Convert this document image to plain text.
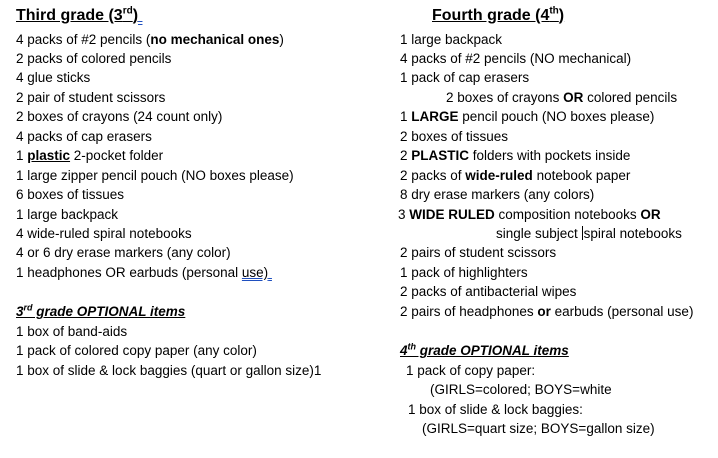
Third grade (3rd)
4 packs of #2 pencils (no mechanical ones)
2 packs of colored pencils
4 glue sticks
2 pair of student scissors
2 boxes of crayons (24 count only)
4 packs of cap erasers
1 plastic 2-pocket folder
1 large zipper pencil pouch (NO boxes please)
6 boxes of tissues
1 large backpack
4 wide-ruled spiral notebooks
4 or 6 dry erase markers (any color)
1 headphones OR earbuds (personal use)
3rd grade OPTIONAL items
1 box of band-aids
1 pack of colored copy paper (any color)
1 box of slide & lock baggies (quart or gallon size)1
Fourth grade (4th)
1 large backpack
4 packs of #2 pencils (NO mechanical)
1 pack of cap erasers
2 boxes of crayons OR colored pencils
1 LARGE pencil pouch (NO boxes please)
2 boxes of tissues
2 PLASTIC folders with pockets inside
2 packs of wide-ruled notebook paper
8 dry erase markers (any colors)
3 WIDE RULED composition notebooks OR
single subject spiral notebooks
2 pairs of student scissors
1 pack of highlighters
2 packs of antibacterial wipes
2 pairs of headphones or earbuds (personal use)
4th grade OPTIONAL items
1 pack of copy paper:
(GIRLS=colored; BOYS=white
1 box of slide & lock baggies:
(GIRLS=quart size; BOYS=gallon size)
